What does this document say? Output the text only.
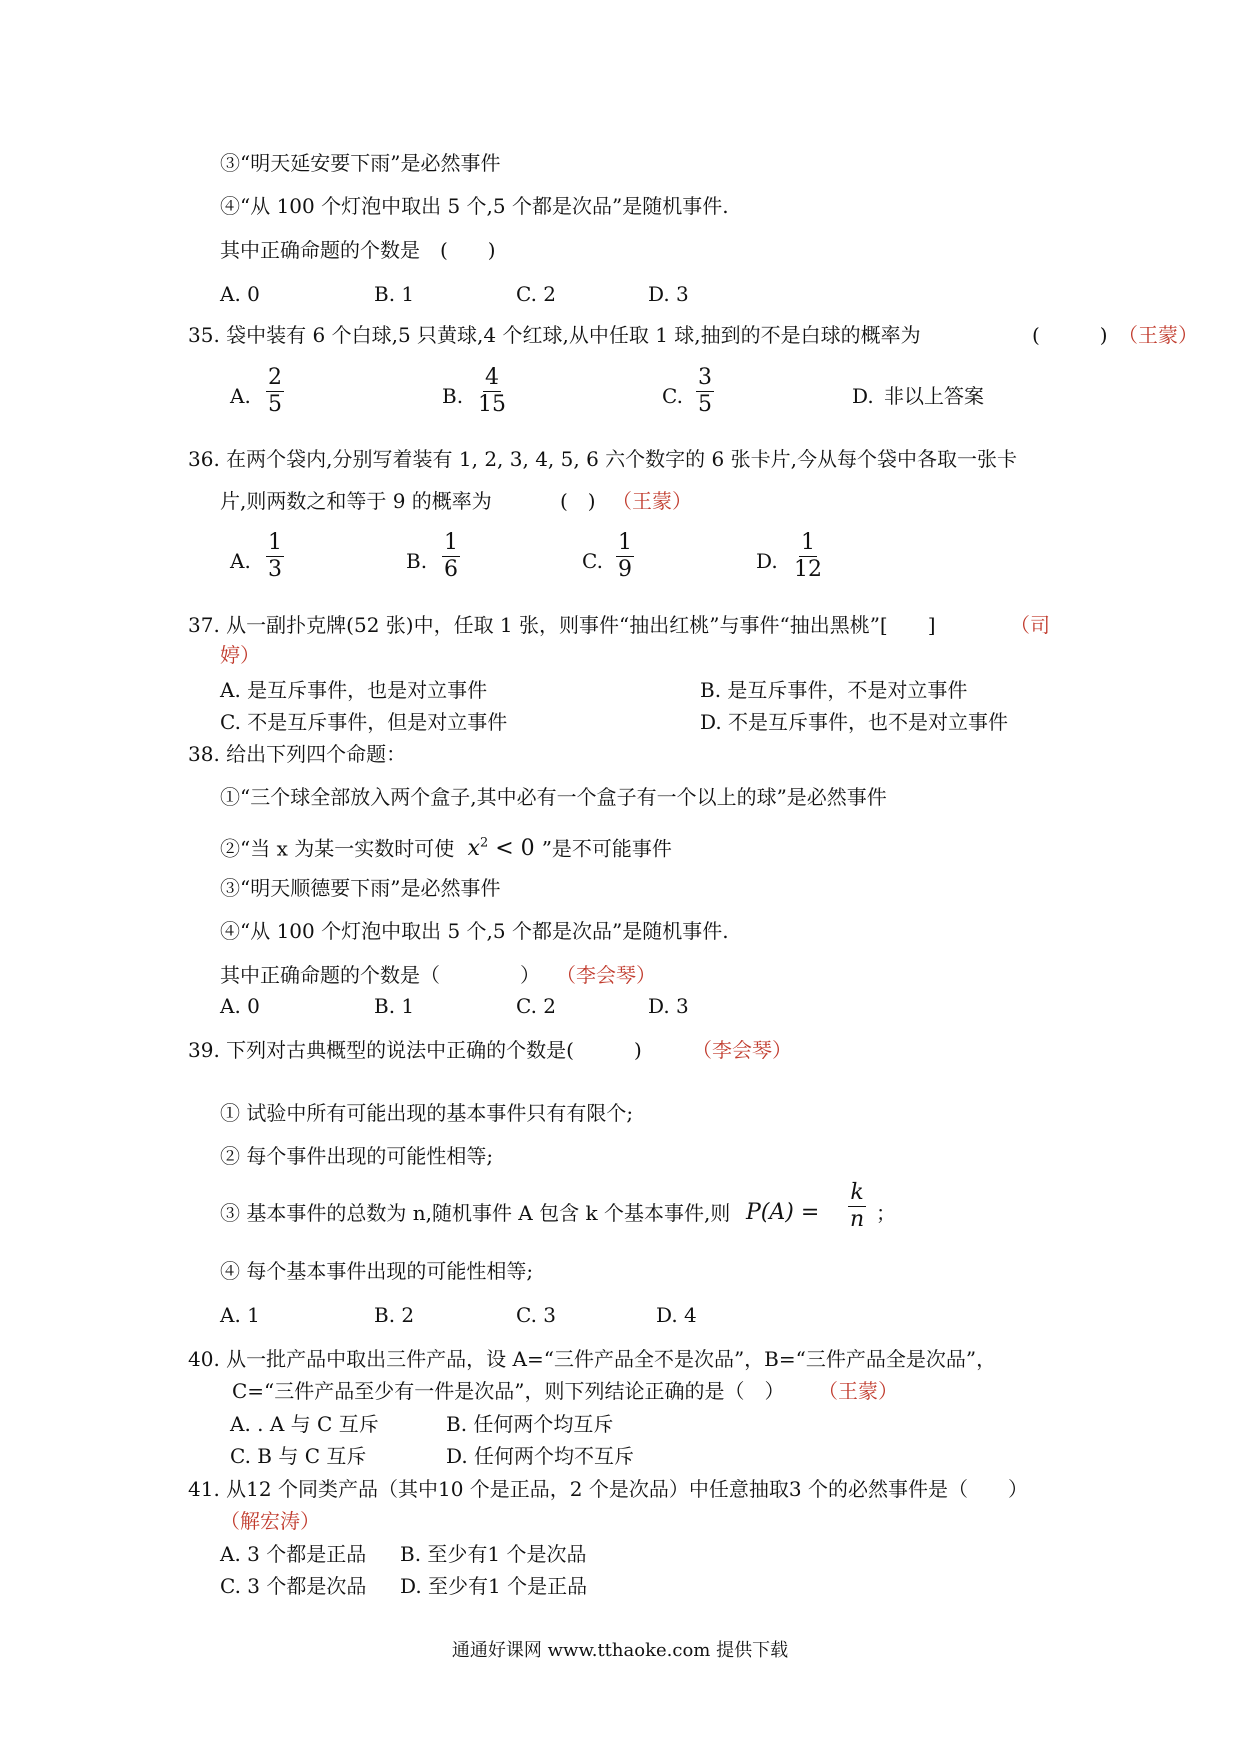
③“明天延安要下雨”是必然事件
④“从 100 个灯泡中取出 5 个,5 个都是次品”是随机事件.
其中正确命题的个数是　(　　)
A. 0	B. 1	C. 2	D. 3
35. 袋中装有 6 个白球,5 只黄球,4 个红球,从中任取 1 球,抽到的不是白球的概率为	(　　　) （王蒙）
A. $\frac{2}{5}$	B. $\frac{4}{15}$	C. $\frac{3}{5}$	D. 非以上答案
36. 在两个袋内,分别写着装有 1, 2, 3, 4, 5, 6 六个数字的 6 张卡片,今从每个袋中各取一张卡
片,则两数之和等于 9 的概率为	(　) （王蒙）
A. $\frac{1}{3}$	B. $\frac{1}{6}$	C. $\frac{1}{9}$	D. $\frac{1}{12}$
37. 从一副扑克牌(52 张)中，任取 1 张，则事件“抽出红桃”与事件“抽出黑桃”[　　]	（司
婷）
A. 是互斥事件，也是对立事件	B. 是互斥事件，不是对立事件
C. 不是互斥事件，但是对立事件	D. 不是互斥事件，也不是对立事件
38. 给出下列四个命题：
①“三个球全部放入两个盒子,其中必有一个盒子有一个以上的球”是必然事件
②“当 x 为某一实数时可使  $x^2 < 0$ ”是不可能事件
③“明天顺德要下雨”是必然事件
④“从 100 个灯泡中取出 5 个,5 个都是次品”是随机事件.
其中正确命题的个数是（　　　　） （李会琴）
A. 0	B. 1	C. 2	D. 3
39. 下列对古典概型的说法中正确的个数是(　　　)	（李会琴）
① 试验中所有可能出现的基本事件只有有限个;
② 每个事件出现的可能性相等;
③ 基本事件的总数为 n,随机事件 A 包含 k 个基本事件,则 $P(A) = \frac{k}{n}$ ；
④ 每个基本事件出现的可能性相等;
A. 1	B. 2	C. 3	D. 4
40. 从一批产品中取出三件产品，设 A=“三件产品全不是次品”，B=“三件产品全是次品”，
C=“三件产品至少有一件是次品”，则下列结论正确的是（　） （王蒙）
A. . A 与 C 互斥	B. 任何两个均互斥
C. B 与 C 互斥	D. 任何两个均不互斥
41. 从12 个同类产品（其中10 个是正品，2 个是次品）中任意抽取3 个的必然事件是（　　）
（解宏涛）
A. 3 个都是正品 B. 至少有1 个是次品
C. 3 个都是次品 D. 至少有1 个是正品
通通好课网 www.tthaoke.com 提供下载
